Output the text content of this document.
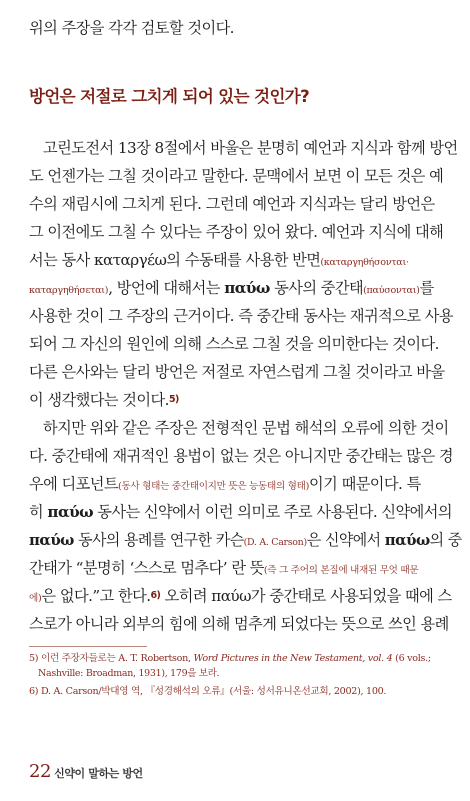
위의 주장을 각각 검토할 것이다.
방언은 저절로 그치게 되어 있는 것인가?
고린도전서 13장 8절에서 바울은 분명히 예언과 지식과 함께 방언
도 언젠가는 그칠 것이라고 말한다. 문맥에서 보면 이 모든 것은 예
수의 재림시에 그치게 된다. 그런데 예언과 지식과는 달리 방언은
그 이전에도 그칠 수 있다는 주장이 있어 왔다. 예언과 지식에 대해
서는 동사 καταργέω의 수동태를 사용한 반면(καταργηθήσονται·
καταργηθήσεται), 방언에 대해서는 παύω 동사의 중간태(παύσονται)를
사용한 것이 그 주장의 근거이다. 즉 중간태 동사는 재귀적으로 사용
되어 그 자신의 원인에 의해 스스로 그칠 것을 의미한다는 것이다.
다른 은사와는 달리 방언은 저절로 자연스럽게 그칠 것이라고 바울
이 생각했다는 것이다.$^{5)}$
하지만 위와 같은 주장은 전형적인 문법 해석의 오류에 의한 것이
다. 중간태에 재귀적인 용법이 없는 것은 아니지만 중간태는 많은 경
우에 디포넌트(동사 형태는 중간태이지만 뜻은 능동태의 형태)이기 때문이다. 특
히 παύω 동사는 신약에서 이런 의미로 주로 사용된다. 신약에서의
παύω 동사의 용례를 연구한 카슨(D. A. Carson)은 신약에서 παύω의 중
간태가 “분명히 ‘스스로 멈추다’ 란 뜻(즉 그 주어의 본질에 내재된 무엇 때문
에)은 없다.”고 한다.$^{6)}$ 오히려 παύω가 중간태로 사용되었을 때에 스
스로가 아니라 외부의 힘에 의해 멈추게 되었다는 뜻으로 쓰인 용례
5) 이런 주장자들로는 A. T. Robertson, Word Pictures in the New Testament, vol. 4 (6 vols.;
Nashville: Broadman, 1931), 179을 보라.
6) D. A. Carson/박대영 역, 『성경해석의 오류』(서울: 성서유니온선교회, 2002), 100.
22 신약이 말하는 방언
